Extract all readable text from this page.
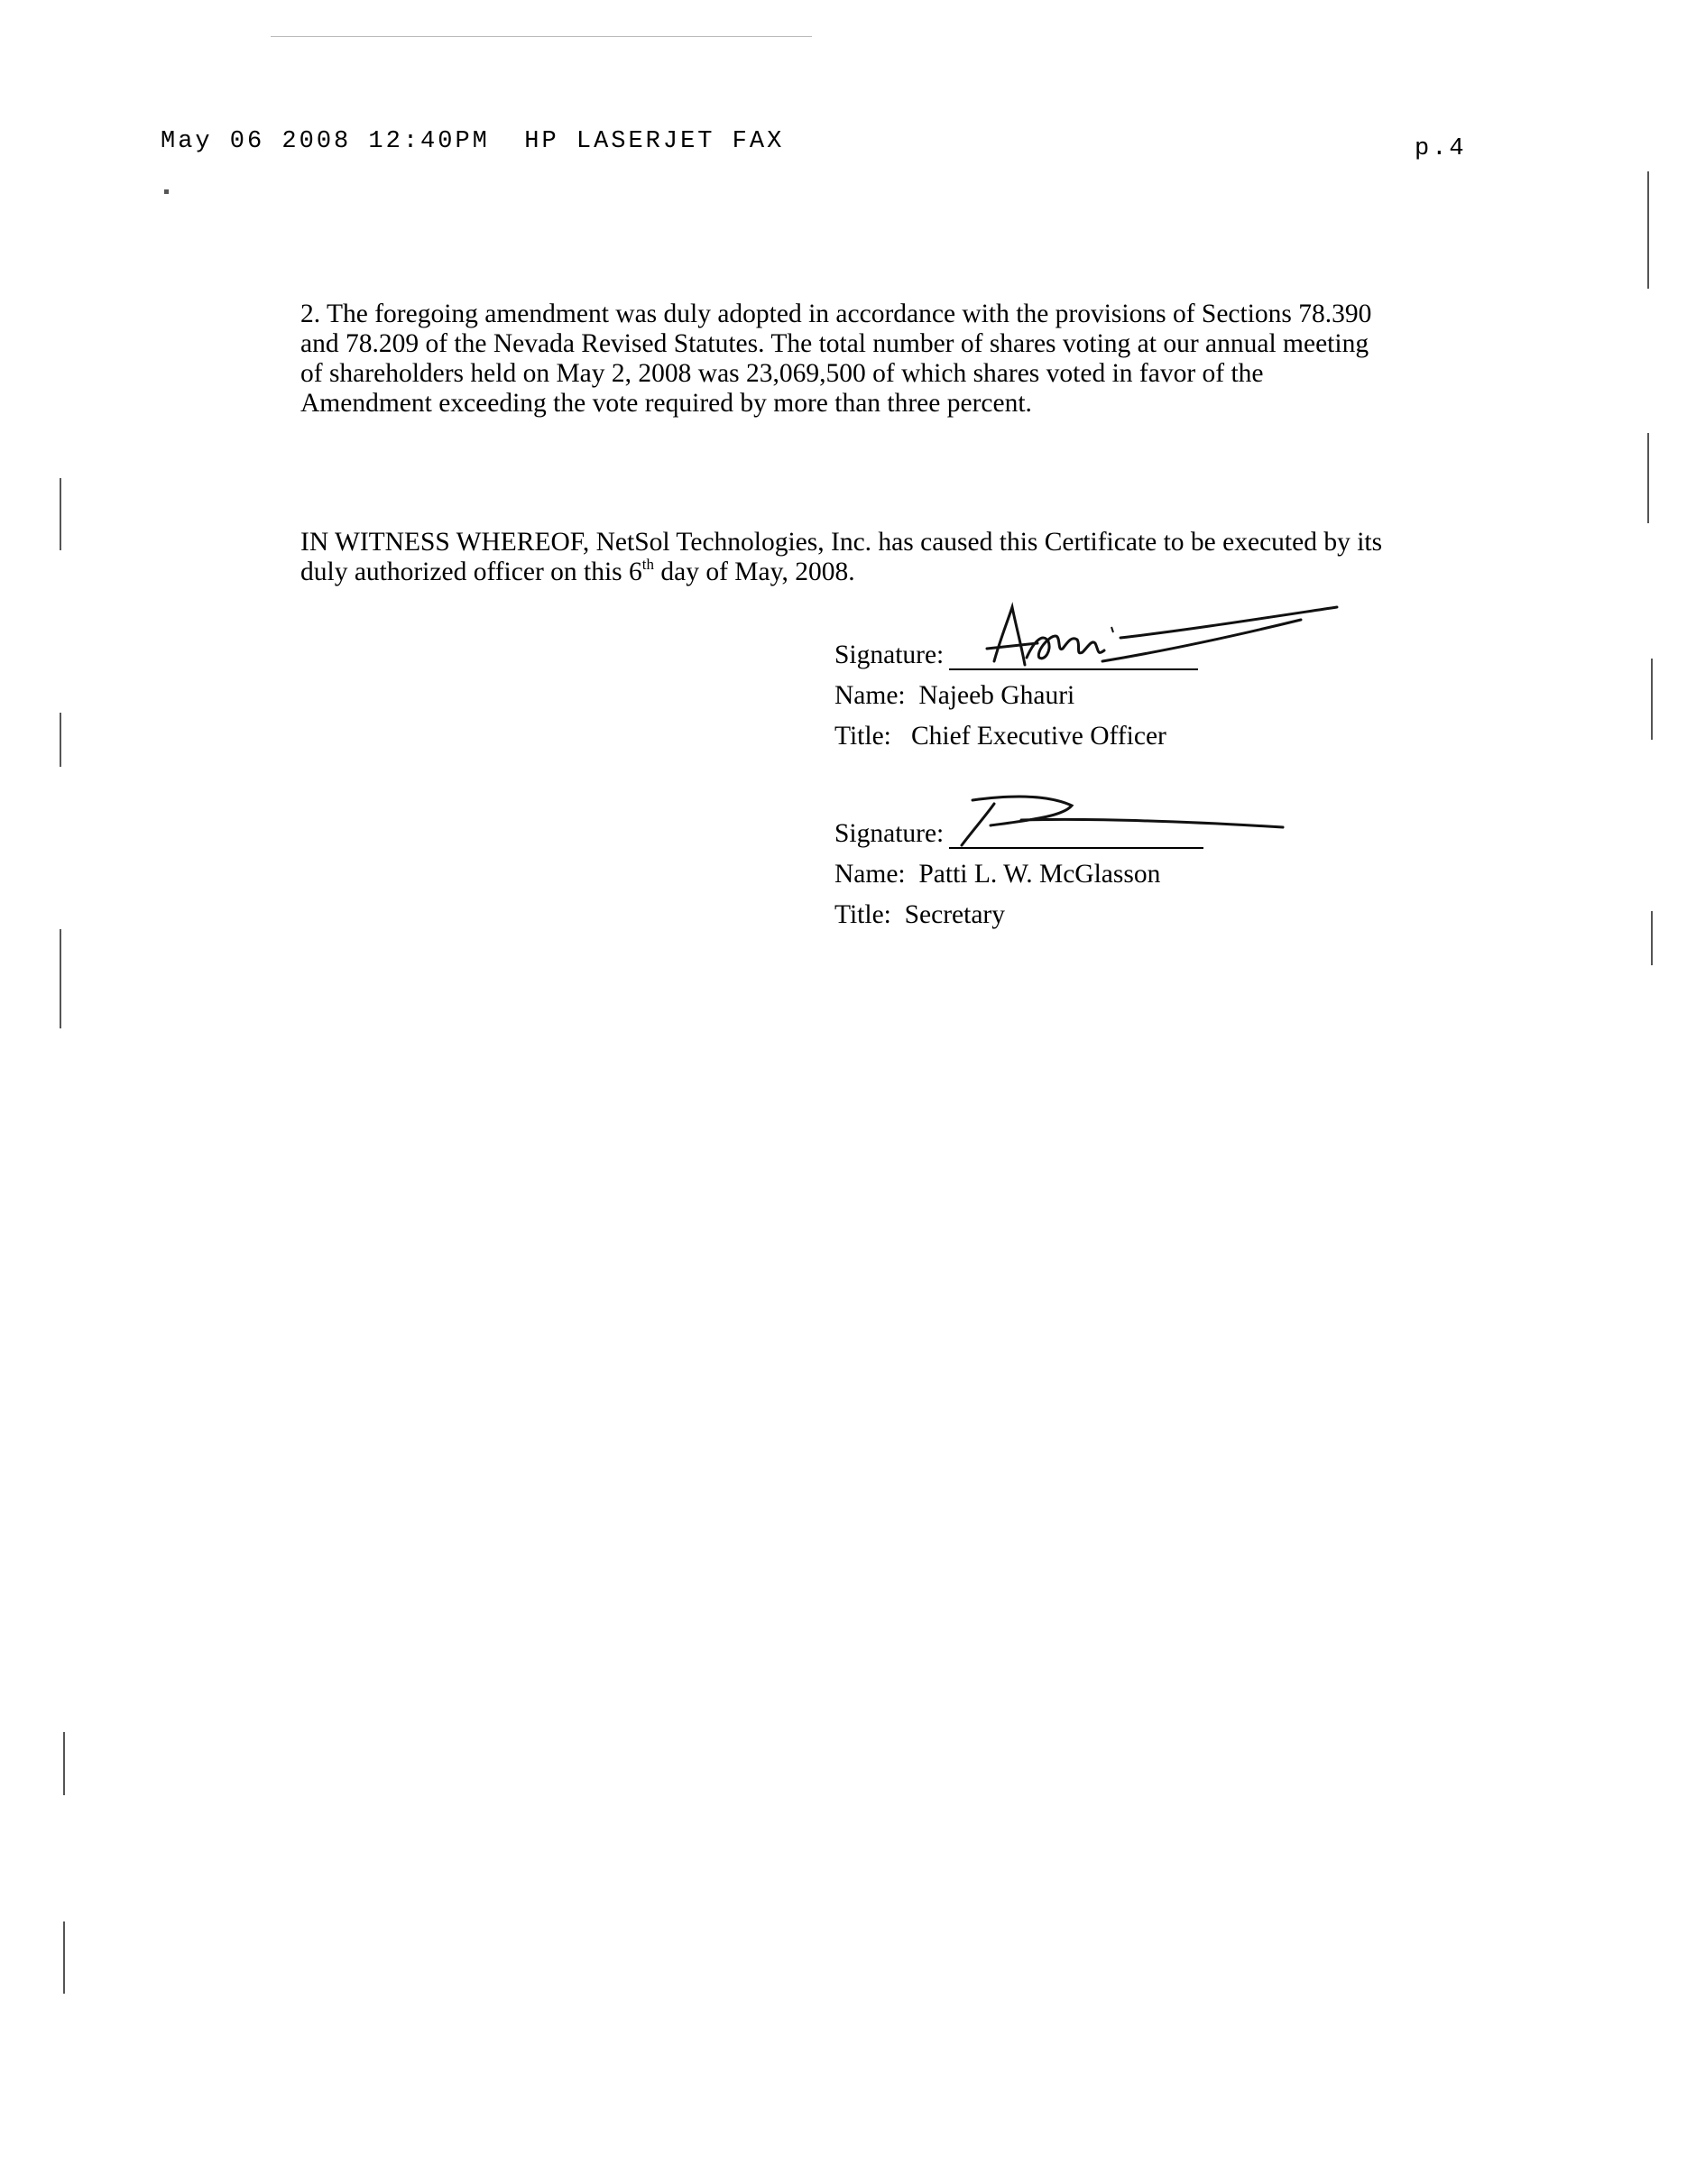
May 06 2008 12:40PM  HP LASERJET FAX	p.4
2. The foregoing amendment was duly adopted in accordance with the provisions of Sections 78.390 and 78.209 of the Nevada Revised Statutes. The total number of shares voting at our annual meeting of shareholders held on May 2, 2008 was 23,069,500 of which shares voted in favor of the Amendment exceeding the vote required by more than three percent.
IN WITNESS WHEREOF, NetSol Technologies, Inc. has caused this Certificate to be executed by its duly authorized officer on this 6th day of May, 2008.
Signature:
Name: Najeeb Ghauri
Title: Chief Executive Officer
Signature:
Name: Patti L. W. McGlasson
Title: Secretary
